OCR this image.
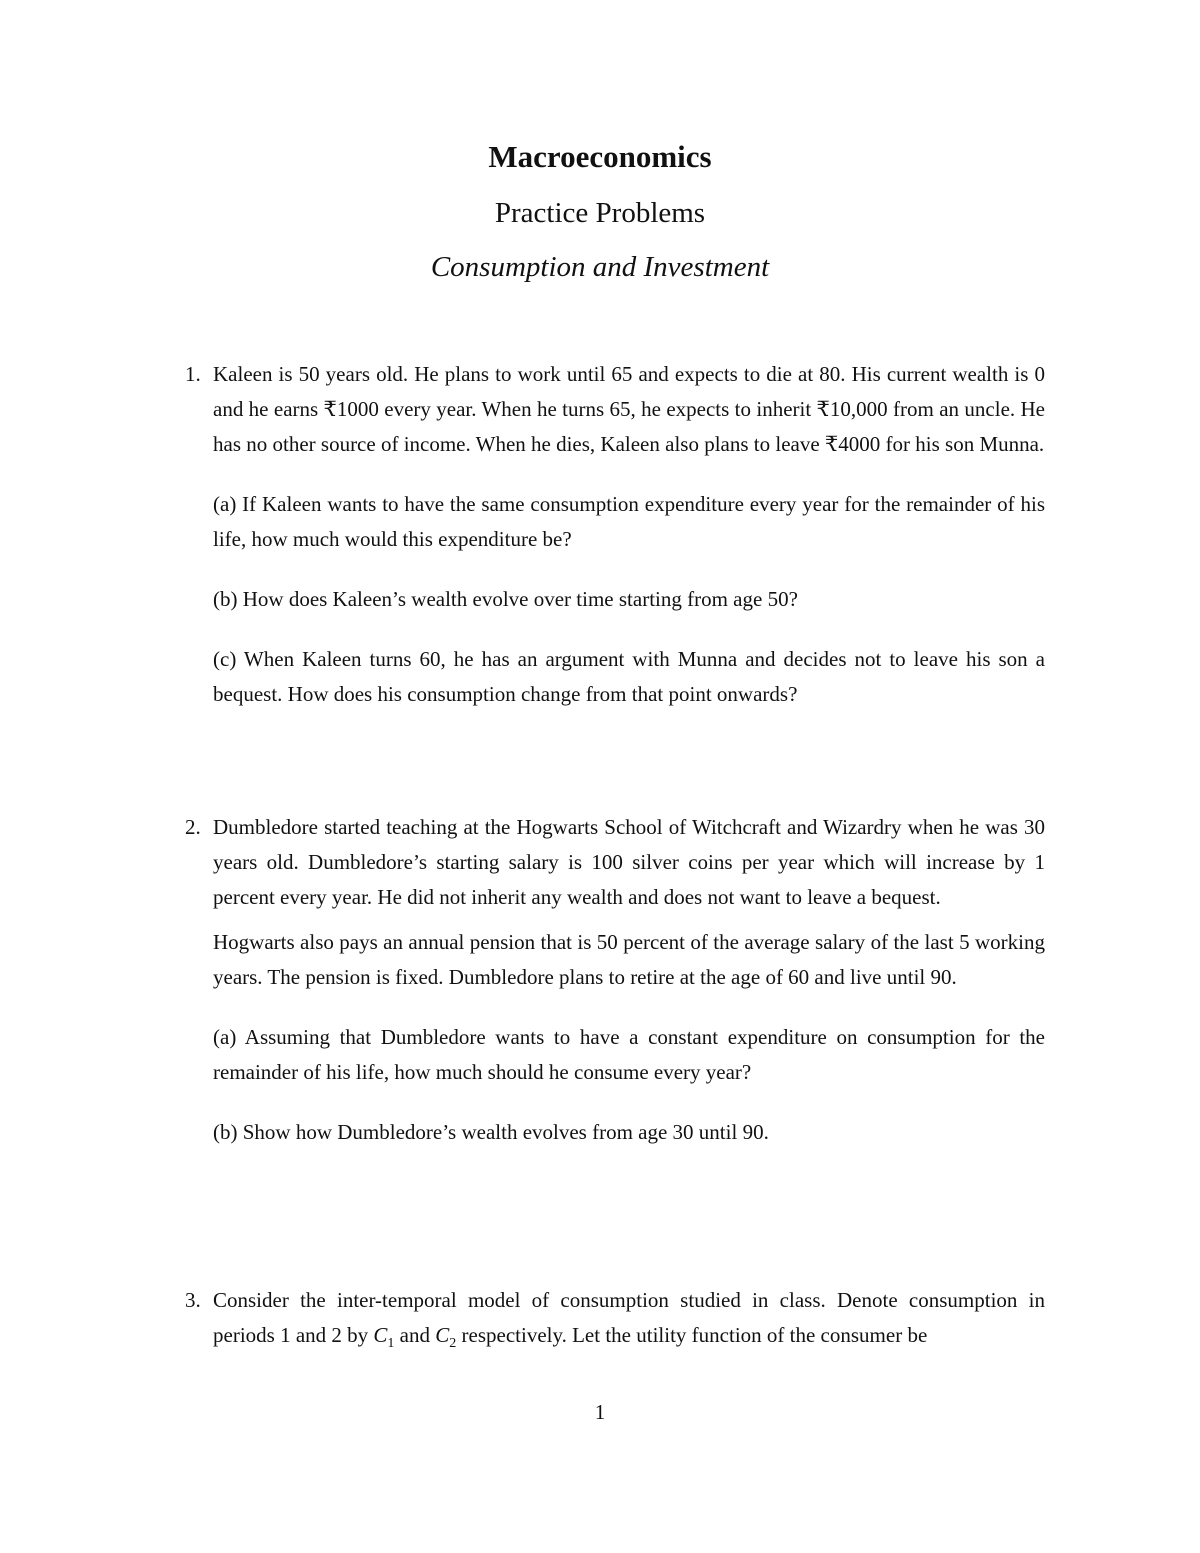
Macroeconomics
Practice Problems
Consumption and Investment
1. Kaleen is 50 years old. He plans to work until 65 and expects to die at 80. His current wealth is 0 and he earns ₹1000 every year. When he turns 65, he expects to inherit ₹10,000 from an uncle. He has no other source of income. When he dies, Kaleen also plans to leave ₹4000 for his son Munna.

(a) If Kaleen wants to have the same consumption expenditure every year for the remainder of his life, how much would this expenditure be?

(b) How does Kaleen’s wealth evolve over time starting from age 50?

(c) When Kaleen turns 60, he has an argument with Munna and decides not to leave his son a bequest. How does his consumption change from that point onwards?

2. Dumbledore started teaching at the Hogwarts School of Witchcraft and Wizardry when he was 30 years old. Dumbledore’s starting salary is 100 silver coins per year which will increase by 1 percent every year. He did not inherit any wealth and does not want to leave a bequest.

Hogwarts also pays an annual pension that is 50 percent of the average salary of the last 5 working years. The pension is fixed. Dumbledore plans to retire at the age of 60 and live until 90.

(a) Assuming that Dumbledore wants to have a constant expenditure on consumption for the remainder of his life, how much should he consume every year?

(b) Show how Dumbledore’s wealth evolves from age 30 until 90.

3. Consider the inter-temporal model of consumption studied in class. Denote consumption in periods 1 and 2 by $C_1$ and $C_2$ respectively. Let the utility function of the consumer be

1
